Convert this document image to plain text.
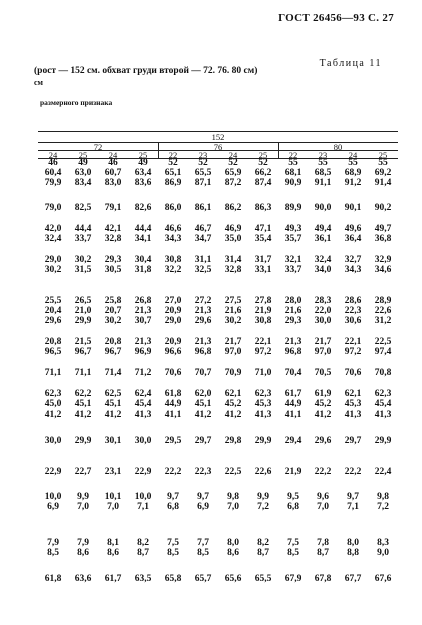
ГОСТ 26456—93 С. 27
Таблица 11
(рост — 152 см. обхват груди второй — 72. 76. 80 см)
см
размерного признака
152
72	76	80
24	25	24	25	22	23	24	25	22	23	24	25
46	49	46	49	52	52	52	52	55	55	55	55
60,4	63,0	60,7	63,4	65,1	65,5	65,9	66,2	68,1	68,5	68,9	69,2
79,9	83,4	83,0	83,6	86,9	87,1	87,2	87,4	90,9	91,1	91,2	91,4
79,0	82,5	79,1	82,6	86,0	86,1	86,2	86,3	89,9	90,0	90,1	90,2
42,0	44,4	42,1	44,4	46,6	46,7	46,9	47,1	49,3	49,4	49,6	49,7
32,4	33,7	32,8	34,1	34,3	34,7	35,0	35,4	35,7	36,1	36,4	36,8
29,0	30,2	29,3	30,4	30,8	31,1	31,4	31,7	32,1	32,4	32,7	32,9
30,2	31,5	30,5	31,8	32,2	32,5	32,8	33,1	33,7	34,0	34,3	34,6
25,5	26,5	25,8	26,8	27,0	27,2	27,5	27,8	28,0	28,3	28,6	28,9
20,4	21,0	20,7	21,3	20,9	21,3	21,6	21,9	21,6	22,0	22,3	22,6
29,6	29,9	30,2	30,7	29,0	29,6	30,2	30,8	29,3	30,0	30,6	31,2
20,8	21,5	20,8	21,3	20,9	21,3	21,7	22,1	21,3	21,7	22,1	22,5
96,5	96,7	96,7	96,9	96,6	96,8	97,0	97,2	96,8	97,0	97,2	97,4
71,1	71,1	71,4	71,2	70,6	70,7	70,9	71,0	70,4	70,5	70,6	70,8
62,3	62,2	62,5	62,4	61,8	62,0	62,1	62,3	61,7	61,9	62,1	62,3
45,0	45,1	45,1	45,4	44,9	45,1	45,2	45,3	44,9	45,2	45,3	45,4
41,2	41,2	41,2	41,3	41,1	41,2	41,2	41,3	41,1	41,2	41,3	41,3
30,0	29,9	30,1	30,0	29,5	29,7	29,8	29,9	29,4	29,6	29,7	29,9
22,9	22,7	23,1	22,9	22,2	22,3	22,5	22,6	21,9	22,2	22,2	22,4
10,0	9,9	10,1	10,0	9,7	9,7	9,8	9,9	9,5	9,6	9,7	9,8
6,9	7,0	7,0	7,1	6,8	6,9	7,0	7,2	6,8	7,0	7,1	7,2
7,9	7,9	8,1	8,2	7,5	7,7	8,0	8,2	7,5	7,8	8,0	8,3
8,5	8,6	8,6	8,7	8,5	8,5	8,6	8,7	8,5	8,7	8,8	9,0
61,8	63,6	61,7	63,5	65,8	65,7	65,6	65,5	67,9	67,8	67,7	67,6
